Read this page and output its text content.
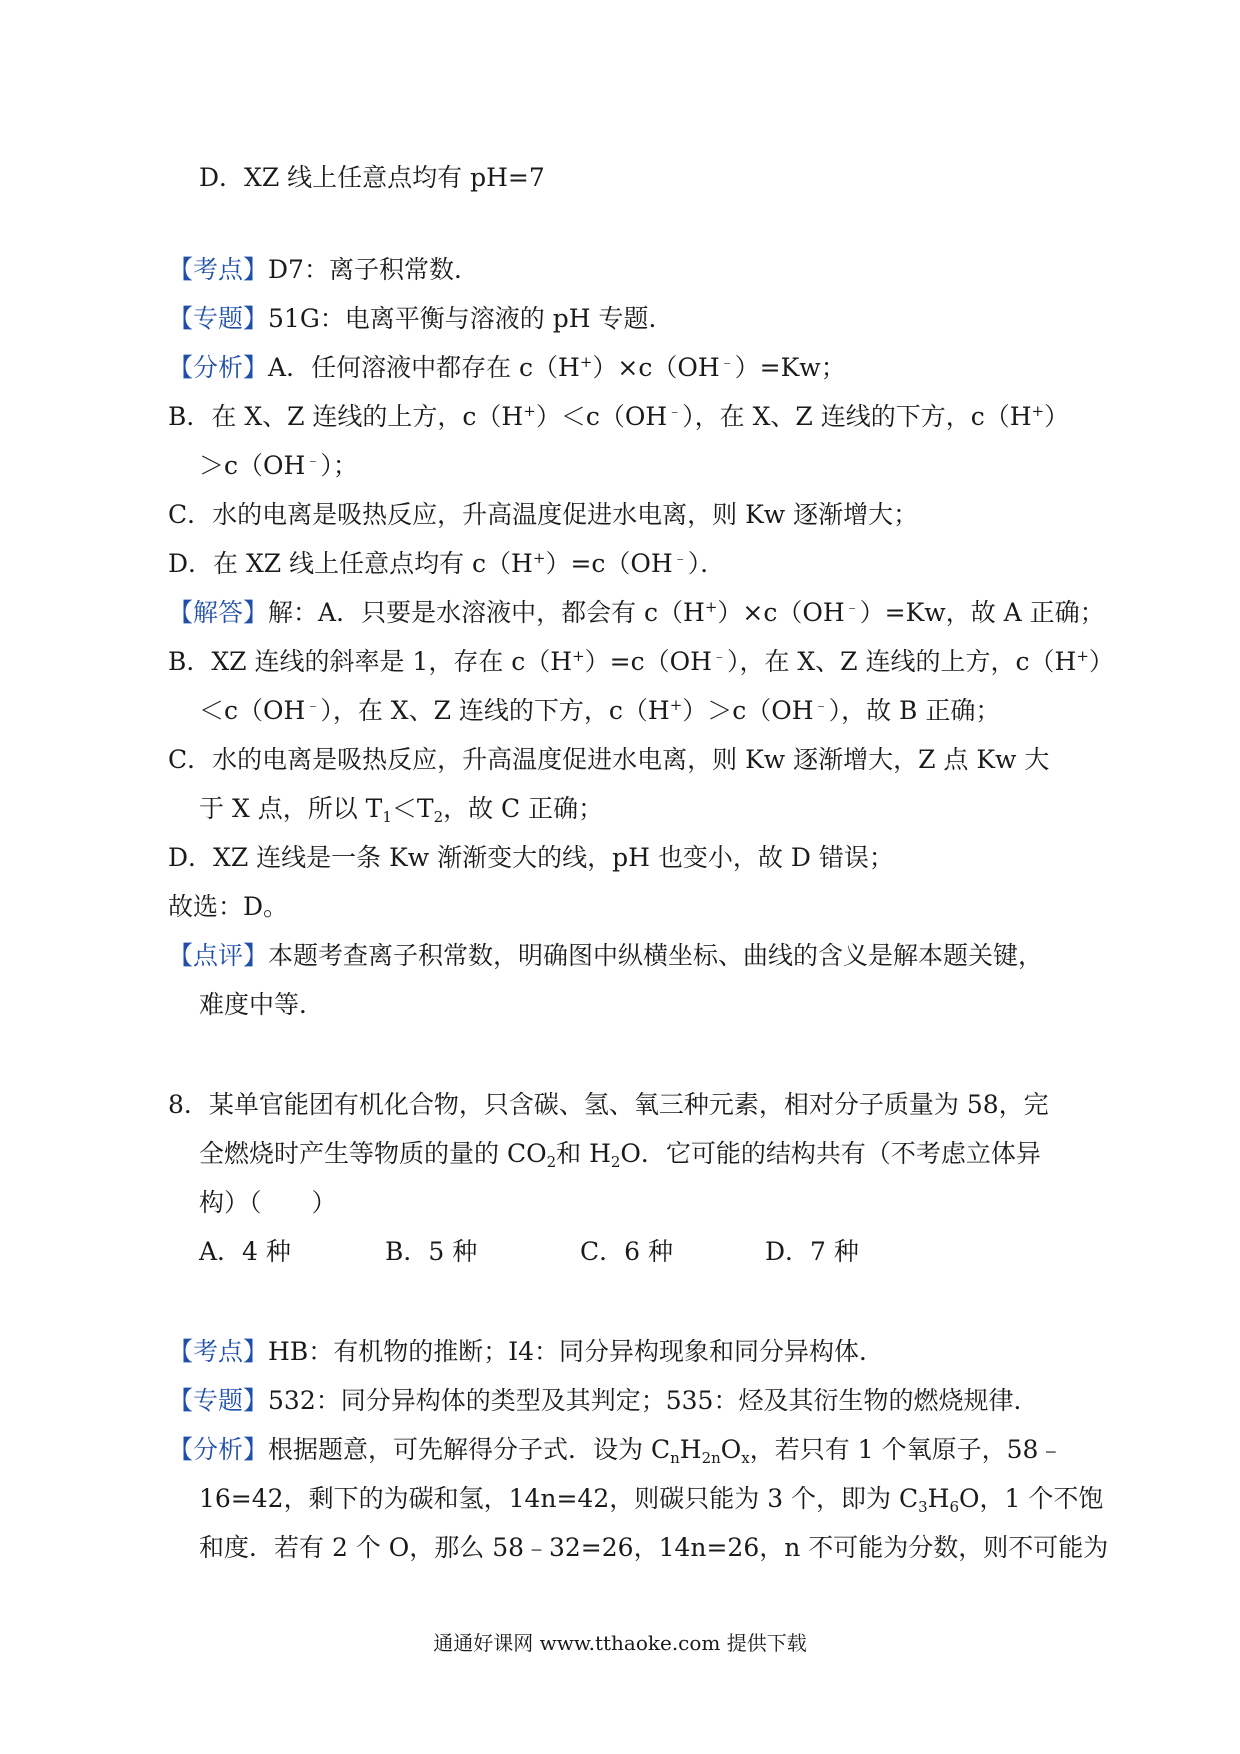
D．XZ 线上任意点均有 pH=7
【考点】D7：离子积常数．
【专题】51G：电离平衡与溶液的 pH 专题．
【分析】A．任何溶液中都存在 c（H+）×c（OH﹣）=Kw；
B．在 X、Z 连线的上方，c（H+）＜c（OH﹣），在 X、Z 连线的下方，c（H+）
＞c（OH﹣）；
C．水的电离是吸热反应，升高温度促进水电离，则 Kw 逐渐增大；
D．在 XZ 线上任意点均有 c（H+）=c（OH﹣）．
【解答】解：A．只要是水溶液中，都会有 c（H+）×c（OH﹣）=Kw，故 A 正确；
B．XZ 连线的斜率是 1，存在 c（H+）=c（OH﹣），在 X、Z 连线的上方，c（H+）
＜c（OH﹣），在 X、Z 连线的下方，c（H+）＞c（OH﹣），故 B 正确；
C．水的电离是吸热反应，升高温度促进水电离，则 Kw 逐渐增大，Z 点 Kw 大
于 X 点，所以 $T_1<T_2$，故 C 正确；
D．XZ 连线是一条 Kw 渐渐变大的线，pH 也变小，故 D 错误；
故选：D。
【点评】本题考查离子积常数，明确图中纵横坐标、曲线的含义是解本题关键，
难度中等．
8．某单官能团有机化合物，只含碳、氢、氧三种元素，相对分子质量为 58，完
全燃烧时产生等物质的量的 $CO_2$和 $H_2O$．它可能的结构共有（不考虑立体异
构）（　　）
A．4 种	B．5 种	C．6 种	D．7 种
【考点】HB：有机物的推断；I4：同分异构现象和同分异构体．
【专题】532：同分异构体的类型及其判定；535：烃及其衍生物的燃烧规律．
【分析】根据题意，可先解得分子式．设为 $C_nH_{2n}O_x$，若只有 1 个氧原子，58﹣
16=42，剩下的为碳和氢，14n=42，则碳只能为 3 个，即为 $C_3H_6O$，1 个不饱
和度．若有 2 个 O，那么 58﹣32=26，14n=26，n 不可能为分数，则不可能为
通通好课网 www.tthaoke.com 提供下载
